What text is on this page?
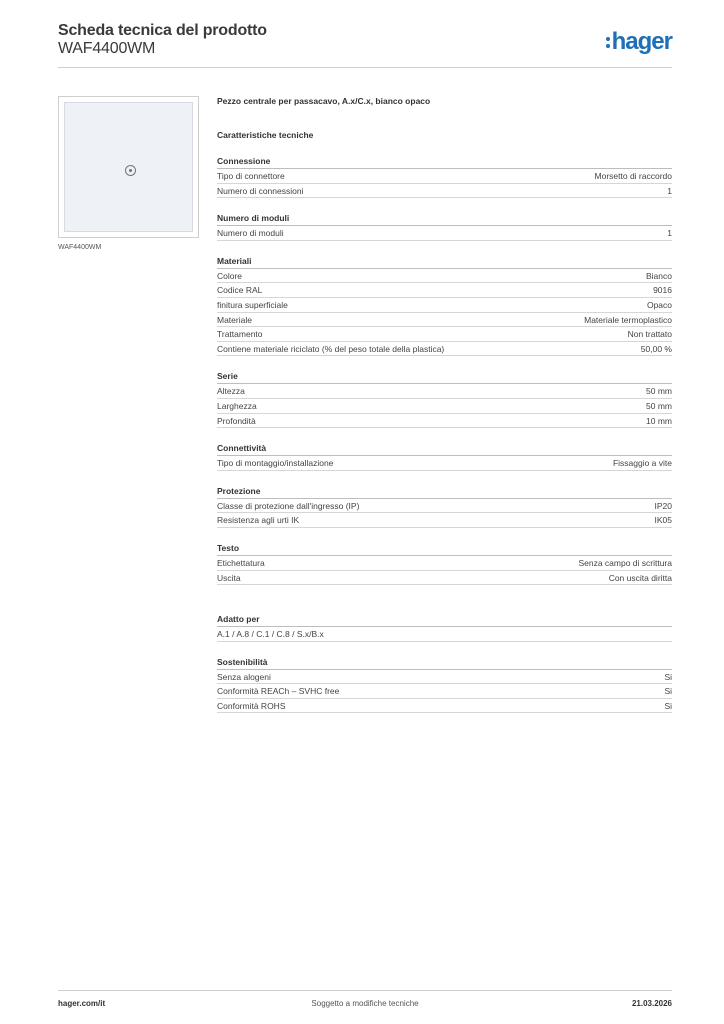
Scheda tecnica del prodotto
WAF4400WM	hager
WAF4400WM
Pezzo centrale per passacavo, A.x/C.x, bianco opaco
Caratteristiche tecniche
Connessione
Tipo di connettore	Morsetto di raccordo
Numero di connessioni	1
Numero di moduli
Numero di moduli	1
Materiali
Colore	Bianco
Codice RAL	9016
finitura superficiale	Opaco
Materiale	Materiale termoplastico
Trattamento	Non trattato
Contiene materiale riciclato (% del peso totale della plastica)	50,00 %
Serie
Altezza	50 mm
Larghezza	50 mm
Profondità	10 mm
Connettività
Tipo di montaggio/installazione	Fissaggio a vite
Protezione
Classe di protezione dall'ingresso (IP)	IP20
Resistenza agli urti IK	IK05
Testo
Etichettatura	Senza campo di scrittura
Uscita	Con uscita diritta
Adatto per
A.1 / A.8 / C.1 / C.8 / S.x/B.x
Sostenibilità
Senza alogeni	Si
Conformità REACh – SVHC free	Si
Conformità ROHS	Si
hager.com/it	Soggetto a modifiche tecniche	21.03.2026
